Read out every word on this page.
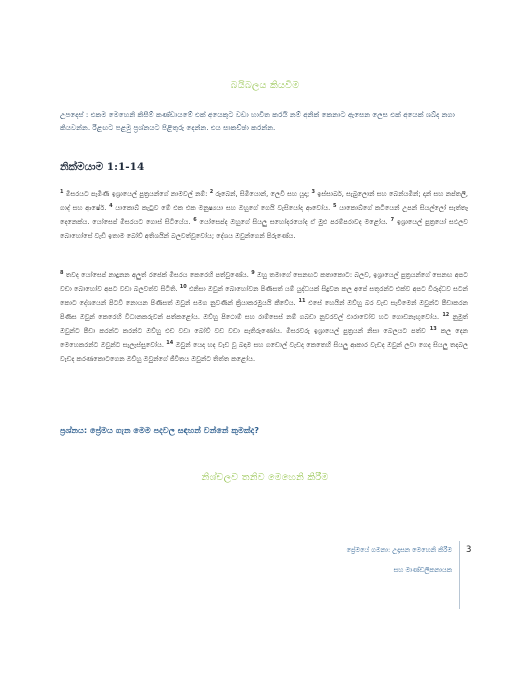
බයිබලය කියවීම
උපදෙස් : එකම මෙහෙනි කිසීම් කණ්ඩායමේ එක් අයෙකුට වඩා හාවිත කරයි නම් අනික් කෙනාට ඇසෙන ලෙස එක් අයෙක් ශබ්ද නගා කියවන්න. රිළඟට පළමු ප්‍රශ්නයට පිළිතුරු දෙන්න. එය සාකච්ඡා කරන්න.
නික්මයාම 1:1-14
$^1$ මිසරයට පැමිණි ඉශ්‍රායෙල් පුත්‍රයන්ගේ නාමවල් නම්: $^2$ රූබෙන්, සිමියොන්, ලෙවි සහ යූදා; $^3$ ඉස්සාඛර්, සැබුලොන් සහ බෙන්යමින්; දාන් සහ නප්තලී, ගාද් සහ ආෂේර්. $^4$ යාකොබ් කැටුව මේ එක එක මනුෂ්‍යයා සහ ඔහුගේ ගෙයි වැසියෝද ආවෝය. $^5$ යාකොබ්ගේ කටියෙන් උපන් සියල්ලෝ සැත්තෑ දෙනෙක්ය. යෝසෙප් මිසරයට ගොස් සිටියේය. $^6$ යෝසෙප්ද ඔහුගේ සියලු සහෝදරයෝද ඒ මුළු පරම්පරාවද මළෝය. $^7$ ඉශ්‍රායෙල් පුත්‍රයෝ සඵලව බොහෝසේ වැඩී ඉතාම බෝව් අතිශයින් බලවත්වූවෝය; දේශය ඔවුන්ගෙන් පිරුණේය.
$^8$ තවද යෝසෙප් නාදුනන අලුත් රජෙක් මිසරය කෙරෙහි පත්වුණේය. $^9$ ඔහු තමාගේ සෙනඟට කතාකොට: බලව, ඉශ්‍රායෙල් පුත්‍රයන්ගේ සෙනඟ අපට වඩා බොහෝව අපට වඩා බලවත්ව සිටිති. $^{10}$ එනිසා ඔවුන් බොහෝවන පිණිසත් යම් යුද්ධයක් සිදුවන කල අපේ සතුරන්ට එක්ව අපට විරුද්ධව සටන් කොට දේශයෙන් පිටවී නොයන පිණිසත් ඔවුන් සමග නුවණින් ක්‍රියාකරමුයයි කීවේය. $^{11}$ එසේ හෙයින් ඔව්හු බර වැඩ සැවීමෙන් ඔවුන්ට පීඩාකරන පිණිස ඔවුන් කෙරෙහි විධානකරුවන් පත්කළෝය. ඔව්හු පිථොම් සහ රාම්සෙස් නම් ගබඩා නුවරවල් ඵාරාවෝව හට ගොඩනැඟුවෝය. $^{12}$ නුමුත් ඔවුන්ට පීඩා කරන්ට කරන්ට ඔව්හු එඩ වඩා බෝව් වඩ වඩා පැතිරුණෝය. මිසරවරු ඉශ්‍රායෙල් පුත්‍රයන් නිසා බෙලයට පත්ව $^{13}$ කල දෙන මෙහෙකරන්ට ඔවුන්ට සැලැස්සුවෝය. $^{14}$ ඔවුන් යෙද හද වැඩ වූ බදාම සහ ගඩොල් වැඩද කෙතෙහි සියලු ආකාර වැඩද ඔවුන් ලවා ගෙද සියලු තදබල වැඩද කරණකොටගෙන ඔව්හු ඔවුන්ගේ ජීවිතය ඔවුන්ට තිත්ත කළෝය.
ප්‍රශ්නය: ප්‍රේමය ගැන මෙම පදවල සඳහන් වන්නේ කුමක්ද?
නිශ්චලව තනිව මෙහෙනි කිරීම
ප්‍රේමයේ ගමනා: උදෑසන මෙහෙනි කිරීම
සහ මාණ්ඩලිකනායක
3
